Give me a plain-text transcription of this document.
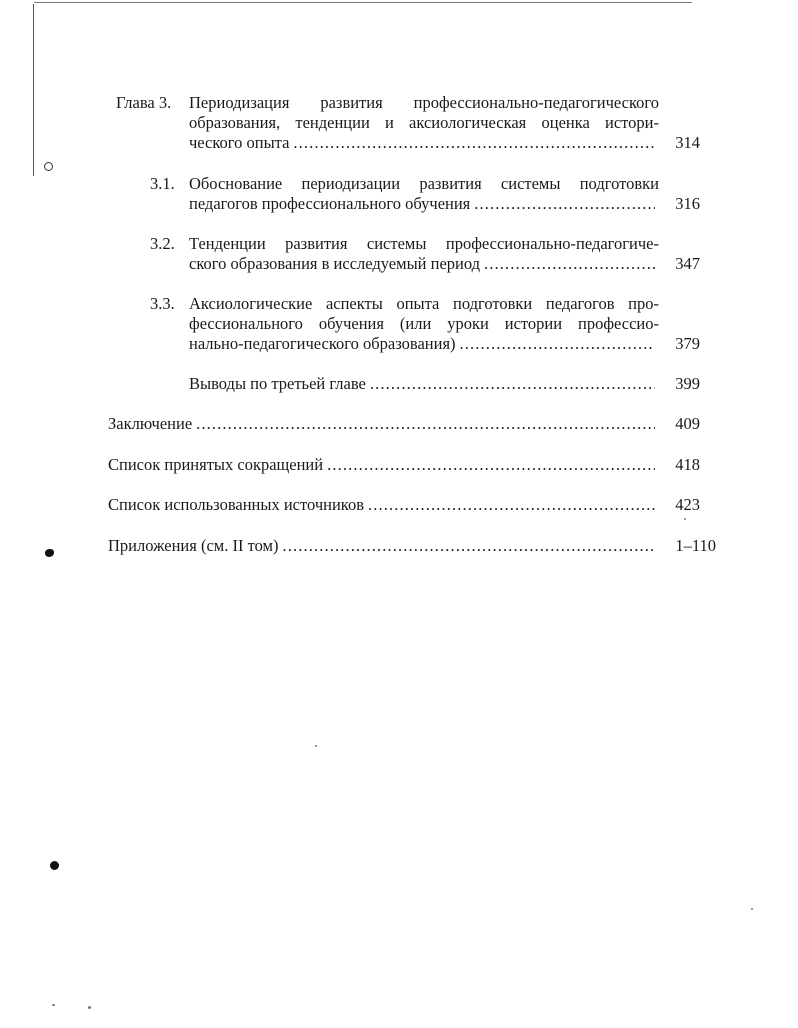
Глава 3. Периодизация развития профессионально-педагогического
образования, тенденции и аксиологическая оценка истори-
ческого опыта . . .	314
3.1. Обоснование периодизации развития системы подготовки
педагогов профессионального обучения . . .	316
3.2. Тенденции развития системы профессионально-педагогиче-
ского образования в исследуемый период . . .	347
3.3. Аксиологические аспекты опыта подготовки педагогов про-
фессионального обучения (или уроки истории профессио-
нально-педагогического образования) . . .	379
Выводы по третьей главе . . .	399
Заключение . . .	409
Список принятых сокращений . . .	418
Список использованных источников . . .	423
Приложения (см. II том) . . .	1–110
